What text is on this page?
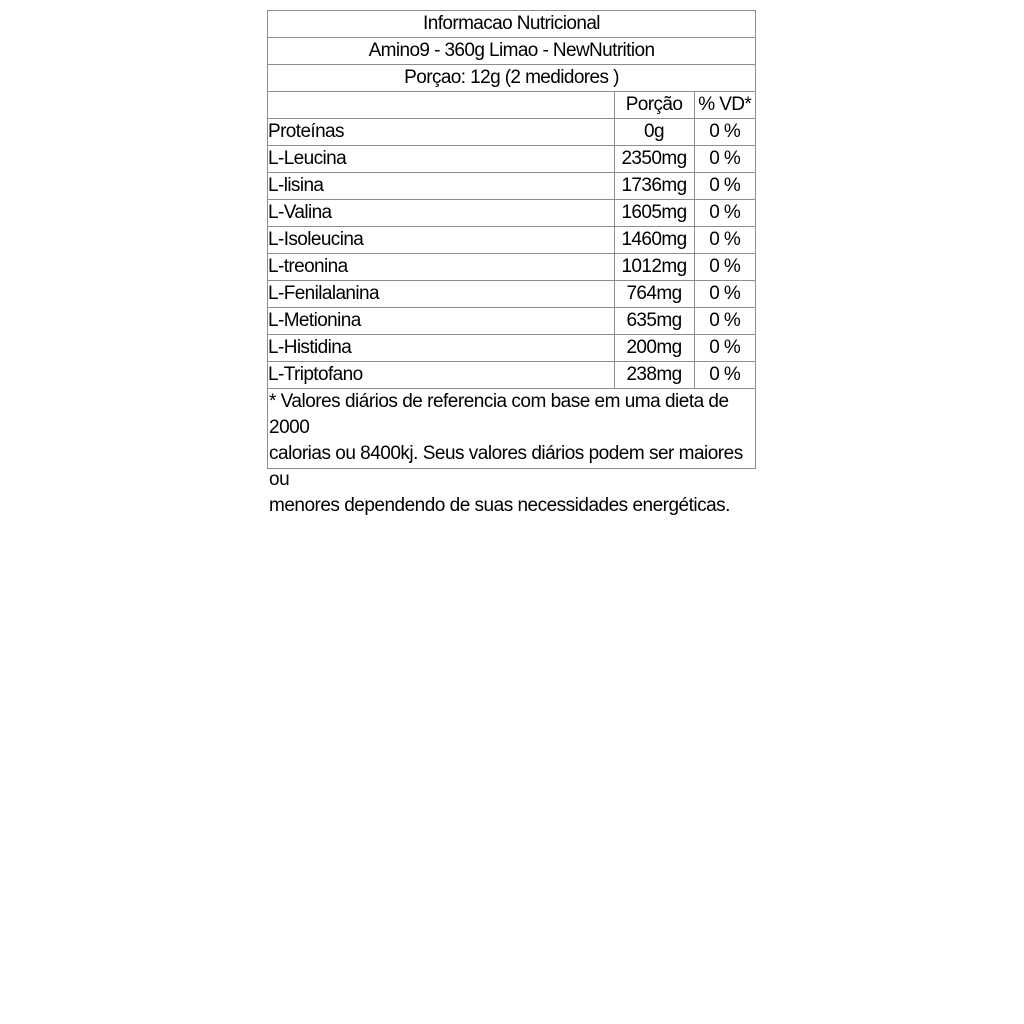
Informacao Nutricional
Amino9 - 360g Limao - NewNutrition
Porçao: 12g (2 medidores )
	Porção	% VD*
Proteínas	0g	0 %
L-Leucina	2350mg	0 %
L-lisina	1736mg	0 %
L-Valina	1605mg	0 %
L-Isoleucina	1460mg	0 %
L-treonina	1012mg	0 %
L-Fenilalanina	764mg	0 %
L-Metionina	635mg	0 %
L-Histidina	200mg	0 %
L-Triptofano	238mg	0 %
* Valores diários de referencia com base em uma dieta de 2000
calorias ou 8400kj. Seus valores diários podem ser maiores ou
menores dependendo de suas necessidades energéticas.
